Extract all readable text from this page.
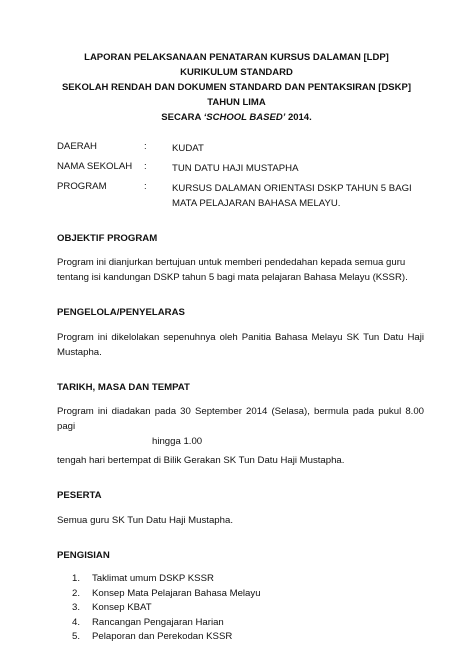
LAPORAN PELAKSANAAN PENATARAN KURSUS DALAMAN [LDP] KURIKULUM STANDARD
SEKOLAH RENDAH DAN DOKUMEN STANDARD DAN PENTAKSIRAN [DSKP] TAHUN LIMA
SECARA ‘SCHOOL BASED’ 2014.
DAERAH	:	KUDAT
NAMA SEKOLAH	:	TUN DATU HAJI MUSTAPHA
PROGRAM	:	KURSUS DALAMAN ORIENTASI DSKP TAHUN 5 BAGI MATA PELAJARAN BAHASA MELAYU.
OBJEKTIF PROGRAM
Program ini dianjurkan bertujuan untuk memberi pendedahan kepada semua guru tentang isi kandungan DSKP tahun 5 bagi mata pelajaran Bahasa Melayu (KSSR).
PENGELOLA/PENYELARAS
Program ini dikelolakan sepenuhnya oleh Panitia Bahasa Melayu SK Tun Datu Haji Mustapha.
TARIKH, MASA DAN TEMPAT
Program ini diadakan pada 30 September 2014 (Selasa), bermula pada pukul 8.00 pagi
hingga 1.00
tengah hari bertempat di Bilik Gerakan SK Tun Datu Haji Mustapha.
PESERTA
Semua guru SK Tun Datu Haji Mustapha.
PENGISIAN
1.	Taklimat umum DSKP KSSR
2.	Konsep Mata Pelajaran Bahasa Melayu
3.	Konsep KBAT
4.	Rancangan Pengajaran Harian
5.	Pelaporan dan Perekodan KSSR
